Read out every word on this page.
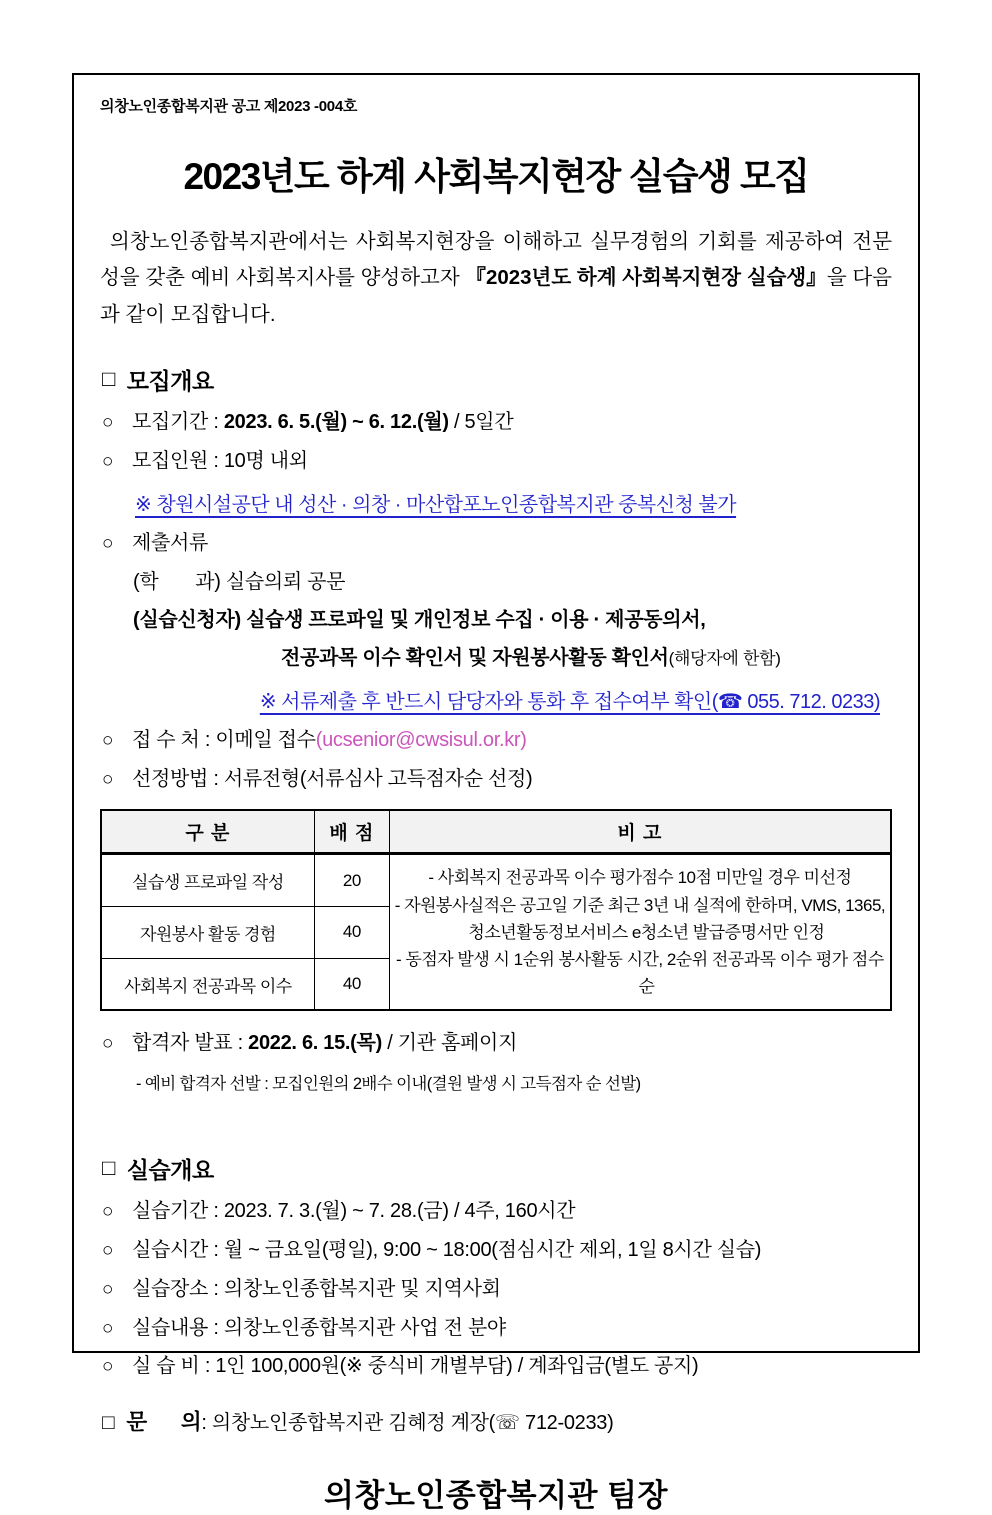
의창노인종합복지관 공고 제2023 -004호
2023년도 하계 사회복지현장 실습생 모집

의창노인종합복지관에서는 사회복지현장을 이해하고 실무경험의 기회를 제공하여 전문성을 갖춘 예비 사회복지사를 양성하고자 『2023년도 하계 사회복지현장 실습생』을 다음과 같이 모집합니다.

□ 모집개요
○ 모집기간 : 2023. 6. 5.(월) ~ 6. 12.(월) / 5일간
○ 모집인원 : 10명 내외
※ 창원시설공단 내 성산 · 의창 · 마산합포노인종합복지관 중복신청 불가
○ 제출서류
(학       과) 실습의뢰 공문
(실습신청자) 실습생 프로파일 및 개인정보 수집 · 이용 · 제공동의서,
전공과목 이수 확인서 및 자원봉사활동 확인서(해당자에 한함)
※ 서류제출 후 반드시 담당자와 통화 후 접수여부 확인(☎ 055. 712. 0233)
○ 접 수 처 : 이메일 접수(ucsenior@cwsisul.or.kr)
○ 선정방법 : 서류전형(서류심사 고득점자순 선정)
구 분	배 점	비 고
실습생 프로파일 작성	20	- 사회복지 전공과목 이수 평가점수 10점 미만일 경우 미선정
- 자원봉사실적은 공고일 기준 최근 3년 내 실적에 한하며, VMS, 1365, 청소년활동정보서비스 e청소년 발급증명서만 인정
- 동점자 발생 시 1순위 봉사활동 시간, 2순위 전공과목 이수 평가 점수순

자원봉사 활동 경험	40	
사회복지 전공과목 이수	40	
○ 합격자 발표 : 2022. 6. 15.(목) / 기관 홈페이지
- 예비 합격자 선발 : 모집인원의 2배수 이내(결원 발생 시 고득점자 순 선발)
□ 실습개요
○ 실습기간 : 2023. 7. 3.(월) ~ 7. 28.(금) / 4주, 160시간
○ 실습시간 : 월 ~ 금요일(평일), 9:00 ~ 18:00(점심시간 제외, 1일 8시간 실습)
○ 실습장소 : 의창노인종합복지관 및 지역사회
○ 실습내용 : 의창노인종합복지관 사업 전 분야
○ 실 습 비 : 1인 100,000원(※ 중식비 개별부담) / 계좌입금(별도 공지)
□ 문      의 : 의창노인종합복지관 김혜정 계장(☏ 712-0233)
의창노인종합복지관 팀장
